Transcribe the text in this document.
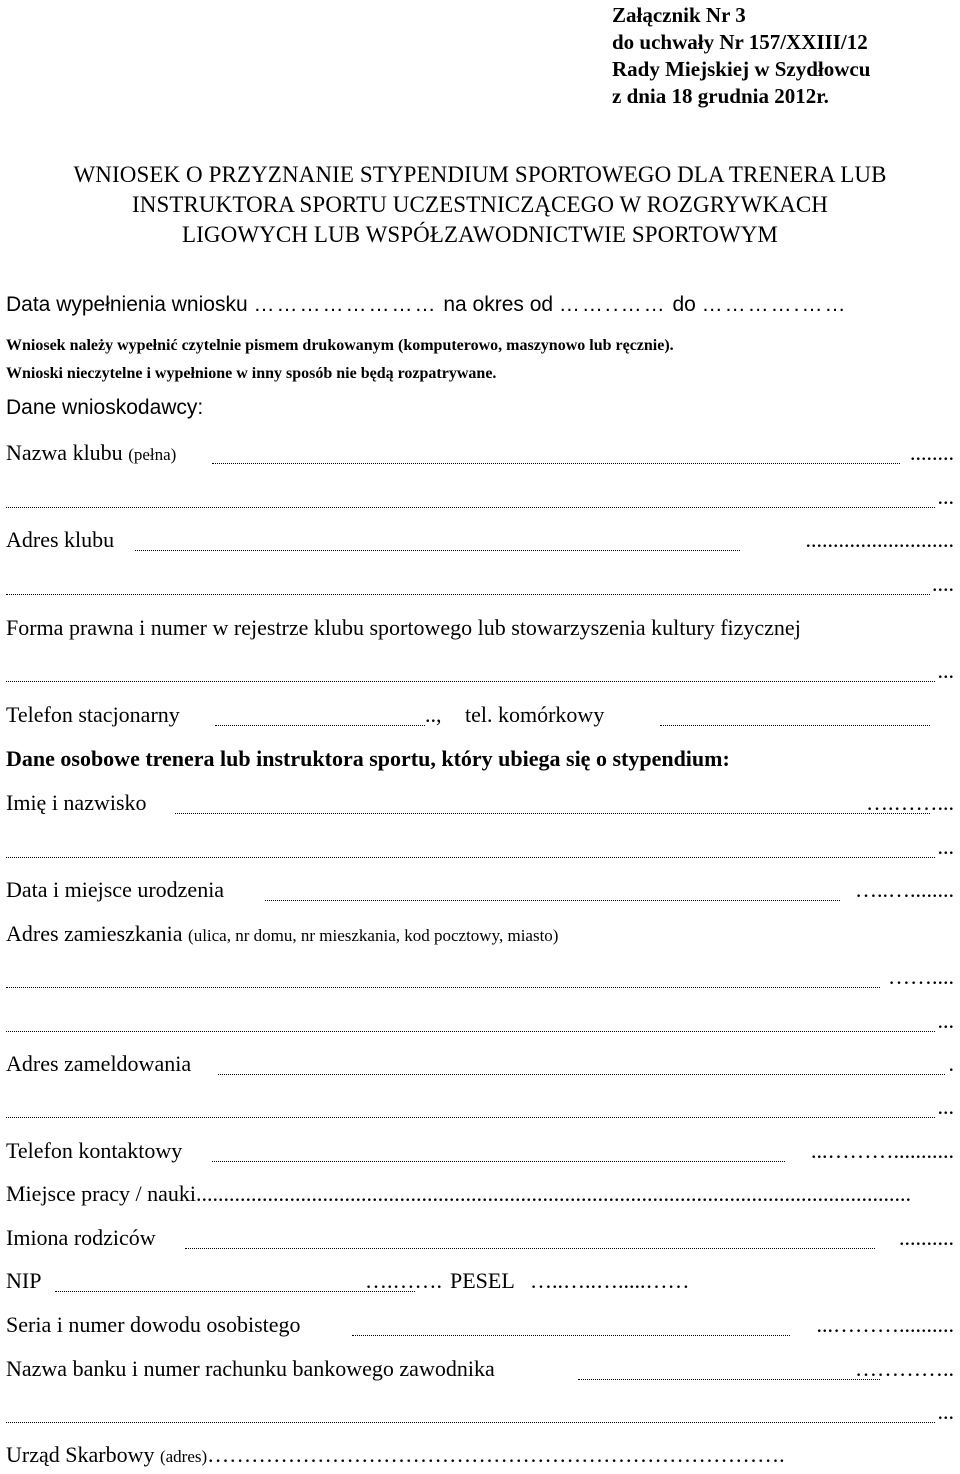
Załącznik Nr 3
do uchwały Nr 157/XXIII/12
Rady Miejskiej w Szydłowcu
z dnia 18 grudnia 2012r.
WNIOSEK O PRZYZNANIE STYPENDIUM SPORTOWEGO DLA TRENERA LUB
INSTRUKTORA SPORTU UCZESTNICZĄCEGO W ROZGRYWKACH
LIGOWYCH LUB WSPÓŁZAWODNICTWIE SPORTOWYM
Data wypełnienia wniosku …………………… na okres od ……..…… do ………….……
Wniosek należy wypełnić czytelnie pismem drukowanym (komputerowo, maszynowo lub ręcznie).
Wnioski nieczytelne i wypełnione w inny sposób nie będą rozpatrywane.
Dane wnioskodawcy:
Nazwa klubu (pełna)	........
...
Adres klubu	...........................
....
Forma prawna i numer w rejestrze klubu sportowego lub stowarzyszenia kultury fizycznej
...
Telefon stacjonarny	.., tel. komórkowy
Dane osobowe trenera lub instruktora sportu, który ubiega się o stypendium:
Imię i nazwisko	….……...
...
Data i miejsce urodzenia	…..…........
Adres zamieszkania (ulica, nr domu, nr mieszkania, kod pocztowy, miasto)
……....
...
Adres zameldowania	.
...
Telefon kontaktowy	...………...........
Miejsce pracy / nauki..................................................................................................................................
Imiona rodziców	..........
NIP	….……. PESEL …..…..….....……
Seria i numer dowodu osobistego	...………..........
Nazwa banku i numer rachunku bankowego zawodnika	…………..
...
Urząd Skarbowy (adres)…………………………………………………………………….
